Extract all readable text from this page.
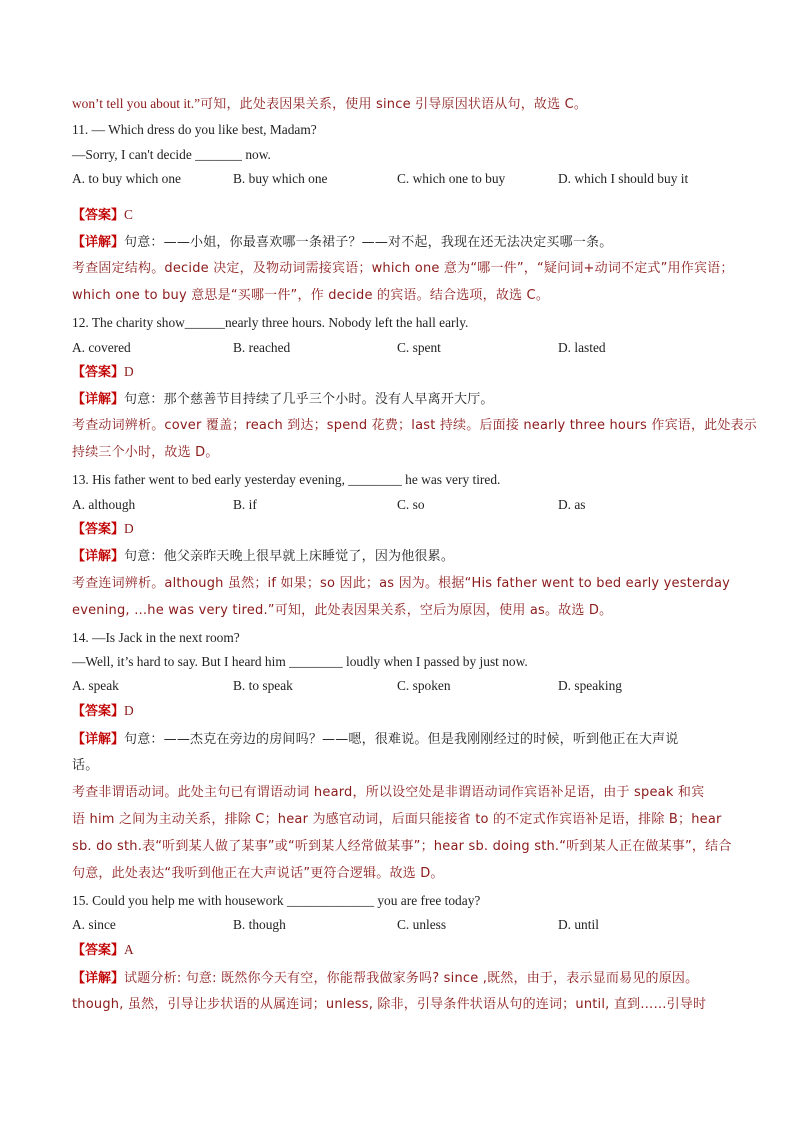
won’t tell you about it.”可知，此处表因果关系，使用 since 引导原因状语从句，故选 C。
11. — Which dress do you like best, Madam?
—Sorry, I can't decide _______ now.
A. to buy which one	B. buy which one	C. which one to buy	D. which I should buy it
【答案】C
【详解】句意：——小姐，你最喜欢哪一条裙子？——对不起，我现在还无法决定买哪一条。
考查固定结构。decide 决定，及物动词需接宾语；which one 意为“哪一件”，“疑问词+动词不定式”用作宾语；
which one to buy 意思是“买哪一件”，作 decide 的宾语。结合选项，故选 C。
12. The charity show______nearly three hours. Nobody left the hall early.
A. covered	B. reached	C. spent	D. lasted
【答案】D
【详解】句意：那个慈善节目持续了几乎三个小时。没有人早离开大厅。
考查动词辨析。cover 覆盖；reach 到达；spend 花费；last 持续。后面接 nearly three hours 作宾语，此处表示
持续三个小时，故选 D。
13. His father went to bed early yesterday evening, ________ he was very tired.
A. although	B. if	C. so	D. as
【答案】D
【详解】句意：他父亲昨天晚上很早就上床睡觉了，因为他很累。
考查连词辨析。although 虽然；if 如果；so 因此；as 因为。根据“His father went to bed early yesterday
evening, …he was very tired.”可知，此处表因果关系，空后为原因，使用 as。故选 D。
14. —Is Jack in the next room?
—Well, it’s hard to say. But I heard him ________ loudly when I passed by just now.
A. speak	B. to speak	C. spoken	D. speaking
【答案】D
【详解】句意：——杰克在旁边的房间吗？——嗯，很难说。但是我刚刚经过的时候，听到他正在大声说
话。
考查非谓语动词。此处主句已有谓语动词 heard，所以设空处是非谓语动词作宾语补足语，由于 speak 和宾
语 him 之间为主动关系，排除 C；hear 为感官动词，后面只能接省 to 的不定式作宾语补足语，排除 B；hear
sb. do sth.表“听到某人做了某事”或“听到某人经常做某事”；hear sb. doing sth.“听到某人正在做某事”，结合
句意，此处表达“我听到他正在大声说话”更符合逻辑。故选 D。
15. Could you help me with housework _____________ you are free today?
A. since	B. though	C. unless	D. until
【答案】A
【详解】试题分析: 句意: 既然你今天有空，你能帮我做家务吗? since ,既然，由于，表示显而易见的原因。
though, 虽然，引导让步状语的从属连词；unless, 除非，引导条件状语从句的连词；until, 直到……引导时
